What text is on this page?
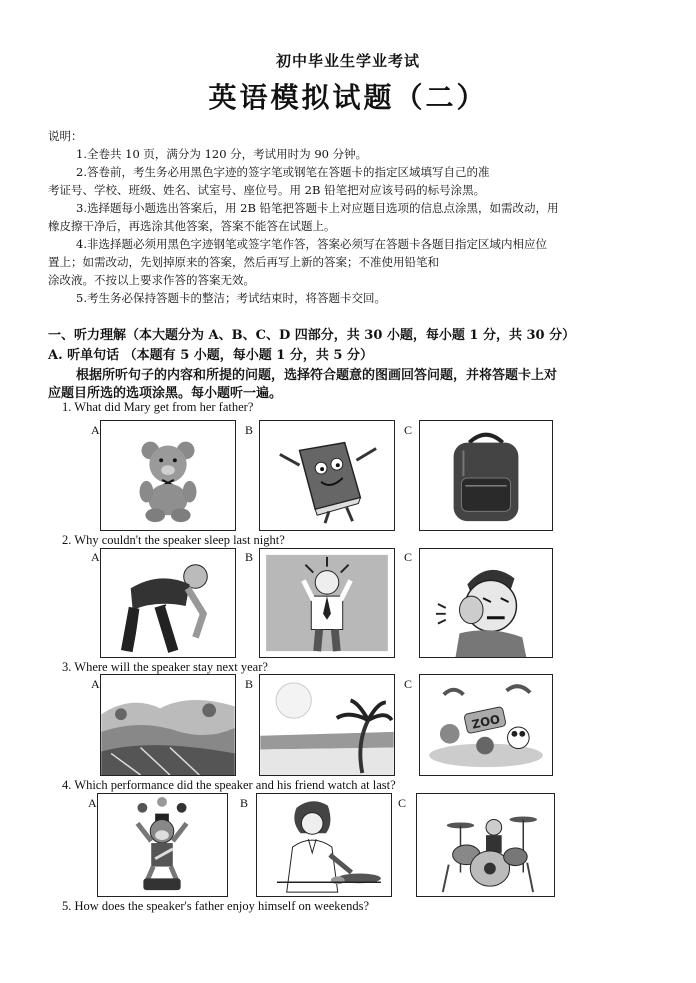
初中毕业生学业考试
英语模拟试题（二）
说明：
1.全卷共 10 页，满分为 120 分，考试用时为 90 分钟。
2.答卷前，考生务必用黑色字迹的签字笔或钢笔在答题卡的指定区域填写自己的准
考证号、学校、班级、姓名、试室号、座位号。用 2B 铅笔把对应该号码的标号涂黑。
3.选择题每小题选出答案后，用 2B 铅笔把答题卡上对应题目选项的信息点涂黑，如需改动，用
橡皮擦干净后，再选涂其他答案，答案不能答在试题上。
4.非选择题必须用黑色字迹钢笔或签字笔作答，答案必须写在答题卡各题目指定区域内相应位
置上；如需改动，先划掉原来的答案，然后再写上新的答案；不准使用铅笔和
涂改液。不按以上要求作答的答案无效。
5.考生务必保持答题卡的整洁；考试结束时，将答题卡交回。
一、听力理解（本大题分为 A、B、C、D 四部分，共 30 小题，每小题 1 分，共 30 分）
A. 听单句话 （本题有 5 小题，每小题 1 分，共 5 分）
根据所听句子的内容和所提的问题，选择符合题意的图画回答问题，并将答题卡上对
应题目所选的选项涂黑。每小题听一遍。
1. What did Mary get from her father?
A	B	C
2. Why couldn't the speaker sleep last night?
A	B	C
3. Where will the speaker stay next year?
A	B	C
ZOO
4. Which performance did the speaker and his friend watch at last?
A	B	C
5. How does the speaker's father enjoy himself on weekends?
